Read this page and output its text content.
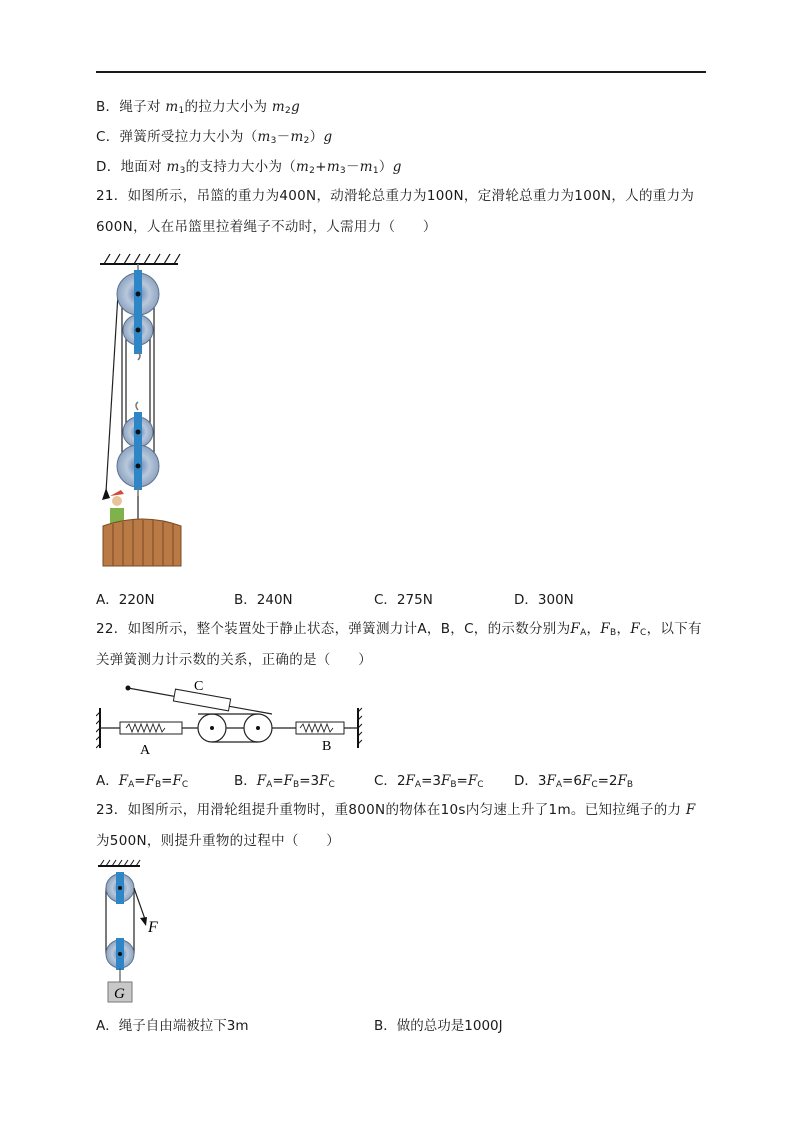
B．绳子对 $m_1$的拉力大小为 $m_2g$
C．弹簧所受拉力大小为$(m_3-m_2)g$
D．地面对 $m_3$的支持力大小为$(m_2+m_3-m_1)g$
21．如图所示，吊篮的重力为400N，动滑轮总重力为100N，定滑轮总重力为100N，人的重力为
600N，人在吊篮里拉着绳子不动时，人需用力（　　）
A．220N	B．240N	C．275N	D．300N
22．如图所示，整个装置处于静止状态，弹簧测力计A，B，C，的示数分别为$F_A$，$F_B$，$F_C$，以下有
关弹簧测力计示数的关系，正确的是（　　）
C
A	B
A．$F_A=F_B=F_C$	B．$F_A=F_B=3F_C$	C．$2F_A=3F_B=F_C$ D．$3F_A=6F_C=2F_B$
23．如图所示，用滑轮组提升重物时，重800N的物体在10s内匀速上升了1m。已知拉绳子的力 F
为500N，则提升重物的过程中（　　）
F
G
A．绳子自由端被拉下3m	B．做的总功是1000J
